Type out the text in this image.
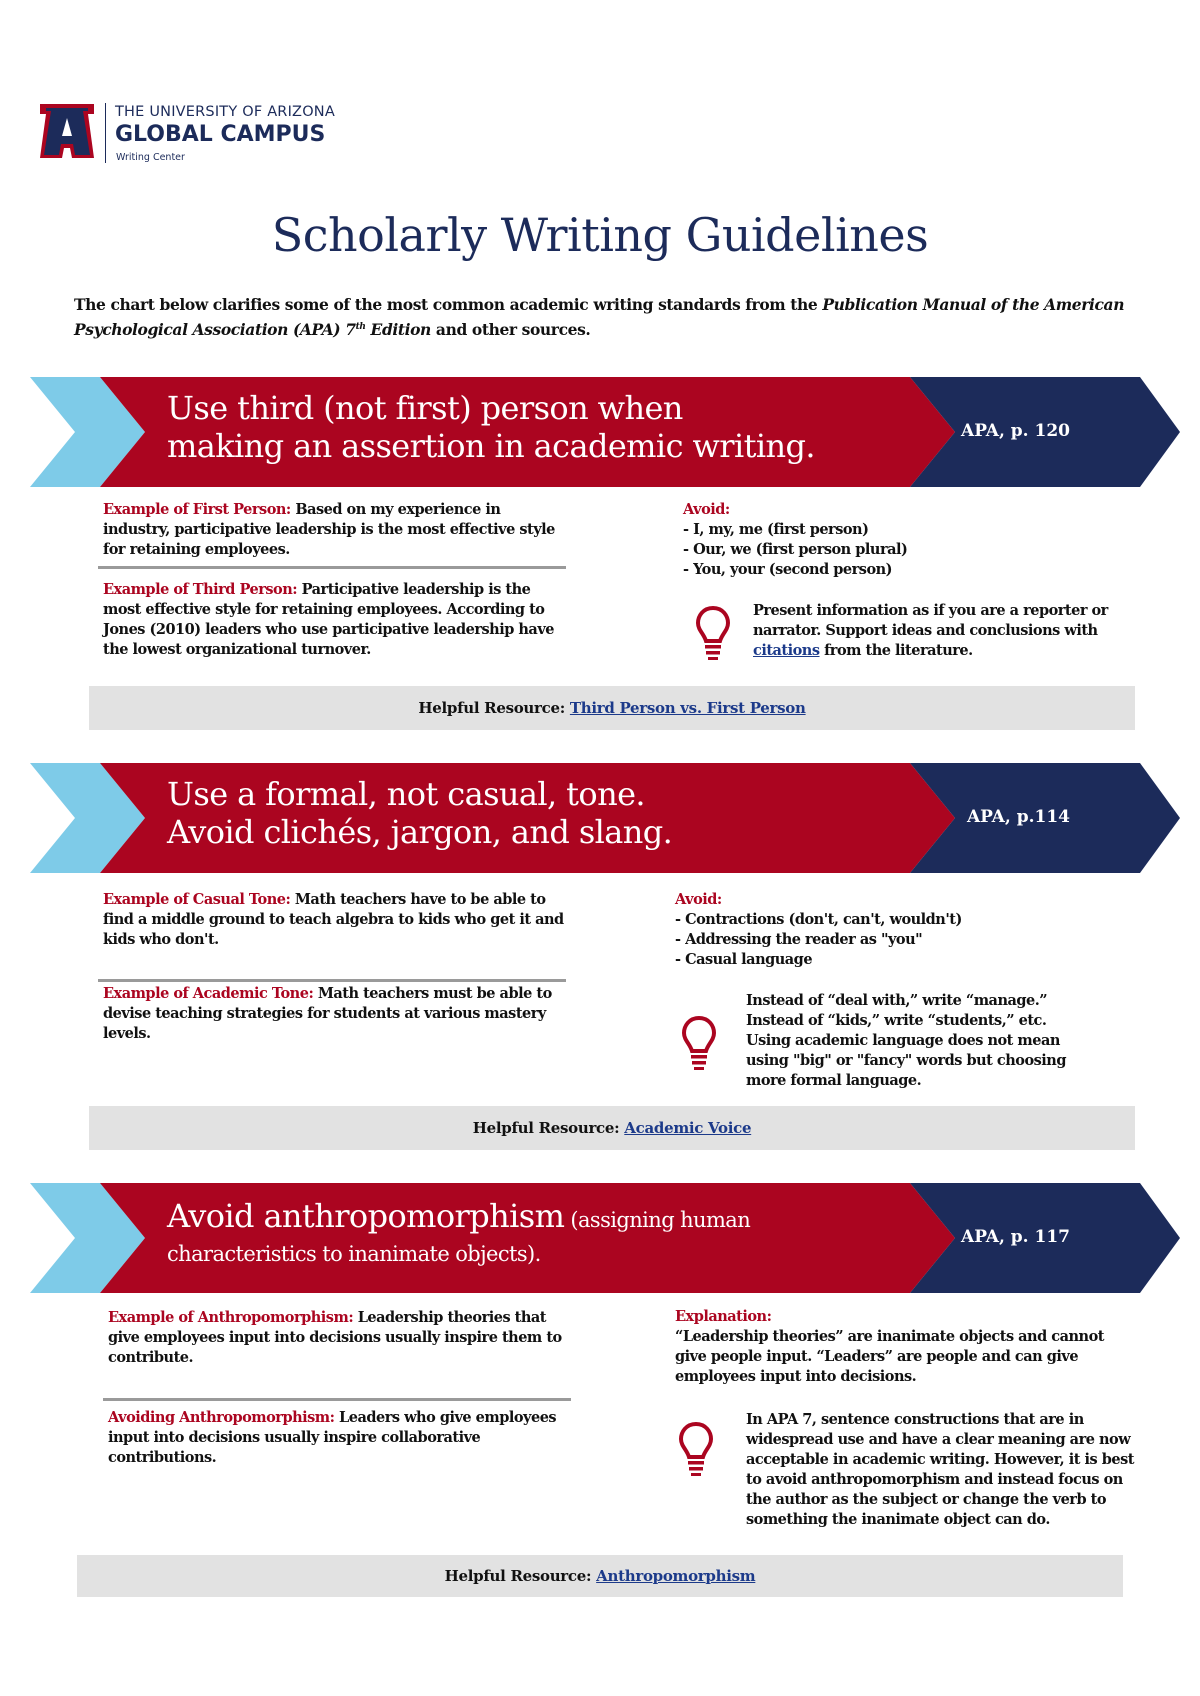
A
THE UNIVERSITY OF ARIZONA
GLOBAL CAMPUS
Writing Center
Scholarly Writing Guidelines
The chart below clarifies some of the most common academic writing standards from the Publication Manual of the American Psychological Association (APA) 7th Edition and other sources.
Use third (not first) person when
making an assertion in academic writing.	APA, p. 120
Example of First Person: Based on my experience in industry, participative leadership is the most effective style for retaining employees.
Example of Third Person: Participative leadership is the most effective style for retaining employees. According to Jones (2010) leaders who use participative leadership have the lowest organizational turnover.
Avoid:
- I, my, me (first person)
- Our, we (first person plural)
- You, your (second person)
Present information as if you are a reporter or narrator. Support ideas and conclusions with citations from the literature.
Helpful Resource: Third Person vs. First Person
Use a formal, not casual, tone.
Avoid clichés, jargon, and slang.	APA, p.114
Example of Casual Tone: Math teachers have to be able to find a middle ground to teach algebra to kids who get it and kids who don't.
Example of Academic Tone: Math teachers must be able to devise teaching strategies for students at various mastery levels.
Avoid:
- Contractions (don't, can't, wouldn't)
- Addressing the reader as "you"
- Casual language
Instead of “deal with,” write “manage.” Instead of “kids,” write “students,” etc. Using academic language does not mean using "big" or "fancy" words but choosing more formal language.
Helpful Resource: Academic Voice
Avoid anthropomorphism (assigning human
characteristics to inanimate objects).
APA, p. 117
Example of Anthropomorphism: Leadership theories that give employees input into decisions usually inspire them to contribute.
Avoiding Anthropomorphism: Leaders who give employees input into decisions usually inspire collaborative contributions.
Explanation:
“Leadership theories” are inanimate objects and cannot give people input. “Leaders” are people and can give employees input into decisions.
In APA 7, sentence constructions that are in widespread use and have a clear meaning are now acceptable in academic writing. However, it is best to avoid anthropomorphism and instead focus on the author as the subject or change the verb to something the inanimate object can do.
Helpful Resource: Anthropomorphism
